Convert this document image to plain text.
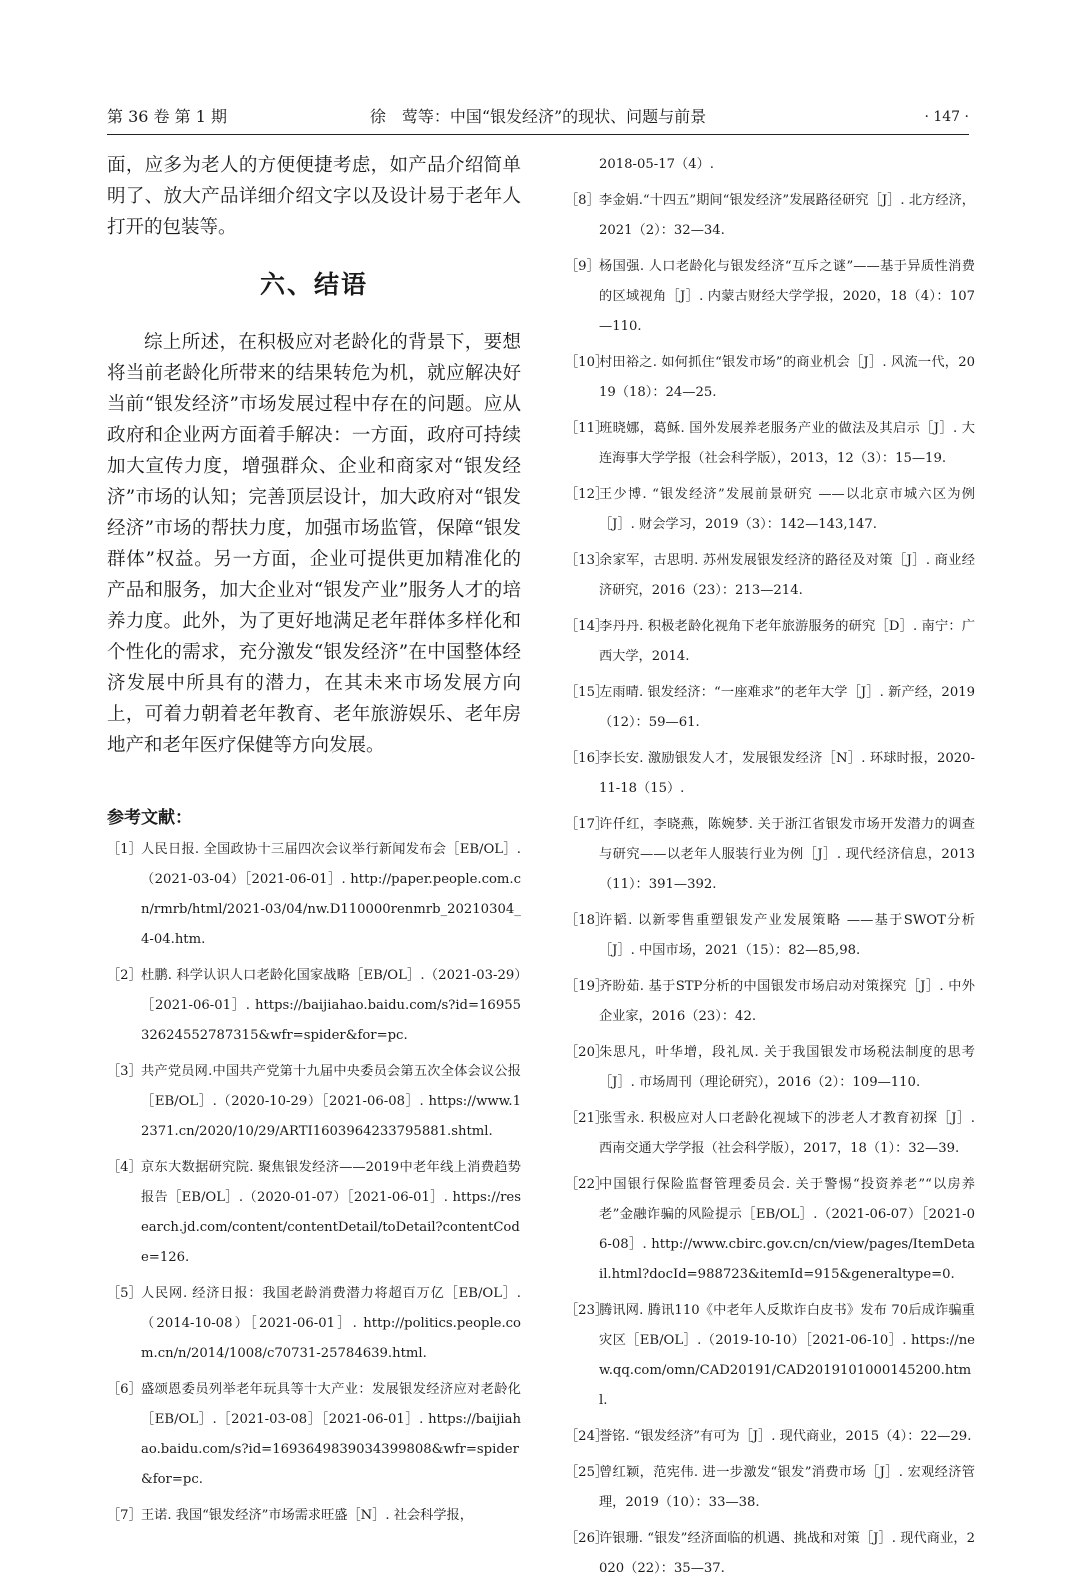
第 36 卷 第 1 期	徐　莺等：中国“银发经济”的现状、问题与前景	· 147 ·

面，应多为老人的方便便捷考虑，如产品介绍简单明了、放大产品详细介绍文字以及设计易于老年人打开的包装等。

六、结语

综上所述，在积极应对老龄化的背景下，要想将当前老龄化所带来的结果转危为机，就应解决好当前“银发经济”市场发展过程中存在的问题。应从政府和企业两方面着手解决：一方面，政府可持续加大宣传力度，增强群众、企业和商家对“银发经济”市场的认知；完善顶层设计，加大政府对“银发经济”市场的帮扶力度，加强市场监管，保障“银发群体”权益。另一方面，企业可提供更加精准化的产品和服务，加大企业对“银发产业”服务人才的培养力度。此外，为了更好地满足老年群体多样化和个性化的需求，充分激发“银发经济”在中国整体经济发展中所具有的潜力，在其未来市场发展方向上，可着力朝着老年教育、老年旅游娱乐、老年房地产和老年医疗保健等方向发展。

参考文献：
［1］ 人民日报. 全国政协十三届四次会议举行新闻发布会［EB/OL］.（2021-03-04）［2021-06-01］. http://paper.people.com.cn/rmrb/html/2021-03/04/nw.D110000renmrb_20210304_4-04.htm.
［2］ 杜鹏. 科学认识人口老龄化国家战略［EB/OL］.（2021-03-29）［2021-06-01］. https://baijiahao.baidu.com/s?id=1695532624552787315&wfr=spider&for=pc.
［3］ 共产党员网.中国共产党第十九届中央委员会第五次全体会议公报［EB/OL］.（2020-10-29）［2021-06-08］. https://www.12371.cn/2020/10/29/ARTI1603964233795881.shtml.
［4］ 京东大数据研究院. 聚焦银发经济——2019中老年线上消费趋势报告［EB/OL］.（2020-01-07）［2021-06-01］. https://research.jd.com/content/contentDetail/toDetail?contentCode=126.
［5］ 人民网. 经济日报：我国老龄消费潜力将超百万亿［EB/OL］.（2014-10-08）［2021-06-01］. http://politics.people.com.cn/n/2014/1008/c70731-25784639.html.
［6］ 盛颂恩委员列举老年玩具等十大产业：发展银发经济应对老龄化［EB/OL］.［2021-03-08］［2021-06-01］. https://baijiahao.baidu.com/s?id=1693649839034399808&wfr=spider&for=pc.
［7］ 王诺. 我国“银发经济”市场需求旺盛［N］. 社会科学报，
2018-05-17（4）.
［8］ 李金娟.“十四五”期间“银发经济”发展路径研究［J］. 北方经济，2021（2）：32—34.
［9］ 杨国强. 人口老龄化与银发经济“互斥之谜”——基于异质性消费的区域视角［J］. 内蒙古财经大学学报，2020，18（4）：107—110.
［10］
村田裕之. 如何抓住“银发市场”的商业机会［J］. 风流一代，2019（18）：24—25.
［11］
班晓娜，葛稣. 国外发展养老服务产业的做法及其启示［J］. 大连海事大学学报（社会科学版），2013，12（3）：15—19.
［12］
王少博. “银发经济”发展前景研究 ——以北京市城六区为例［J］. 财会学习，2019（3）：142—143,147.
［13］
余家军，古思明. 苏州发展银发经济的路径及对策［J］. 商业经济研究，2016（23）：213—214.
［14］
李丹丹. 积极老龄化视角下老年旅游服务的研究［D］. 南宁：广西大学，2014.
［15］
左雨晴. 银发经济：“一座难求”的老年大学［J］. 新产经，2019（12）：59—61.
［16］
李长安. 激励银发人才，发展银发经济［N］. 环球时报，2020-11-18（15）.
［17］
许仟红，李晓燕，陈婉梦. 关于浙江省银发市场开发潜力的调查与研究——以老年人服装行业为例［J］. 现代经济信息，2013（11）：391—392.
［18］
许韬. 以新零售重塑银发产业发展策略 ——基于SWOT分析［J］. 中国市场，2021（15）：82—85,98.
［19］
齐盼茹. 基于STP分析的中国银发市场启动对策探究［J］. 中外企业家，2016（23）：42.
［20］
朱思凡，叶华增，段礼凤. 关于我国银发市场税法制度的思考［J］. 市场周刊（理论研究），2016（2）：109—110.
［21］
张雪永. 积极应对人口老龄化视域下的涉老人才教育初探［J］. 西南交通大学学报（社会科学版），2017，18（1）：32—39.
［22］
中国银行保险监督管理委员会. 关于警惕“投资养老”“以房养老”金融诈骗的风险提示［EB/OL］.（2021-06-07）［2021-06-08］. http://www.cbirc.gov.cn/cn/view/pages/ItemDetail.html?docId=988723&itemId=915&generaltype=0.
［23］
腾讯网. 腾讯110《中老年人反欺诈白皮书》发布 70后成诈骗重灾区［EB/OL］.（2019-10-10）［2021-06-10］. https://new.qq.com/omn/CAD20191/CAD2019101000145200.html.
［24］
誉铭. “银发经济”有可为［J］. 现代商业，2015（4）：22—29.
［25］
曾红颖，范宪伟. 进一步激发“银发”消费市场［J］. 宏观经济管理，2019（10）：33—38.
［26］
许银珊. “银发”经济面临的机遇、挑战和对策［J］. 现代商业，2020（22）：35—37.
